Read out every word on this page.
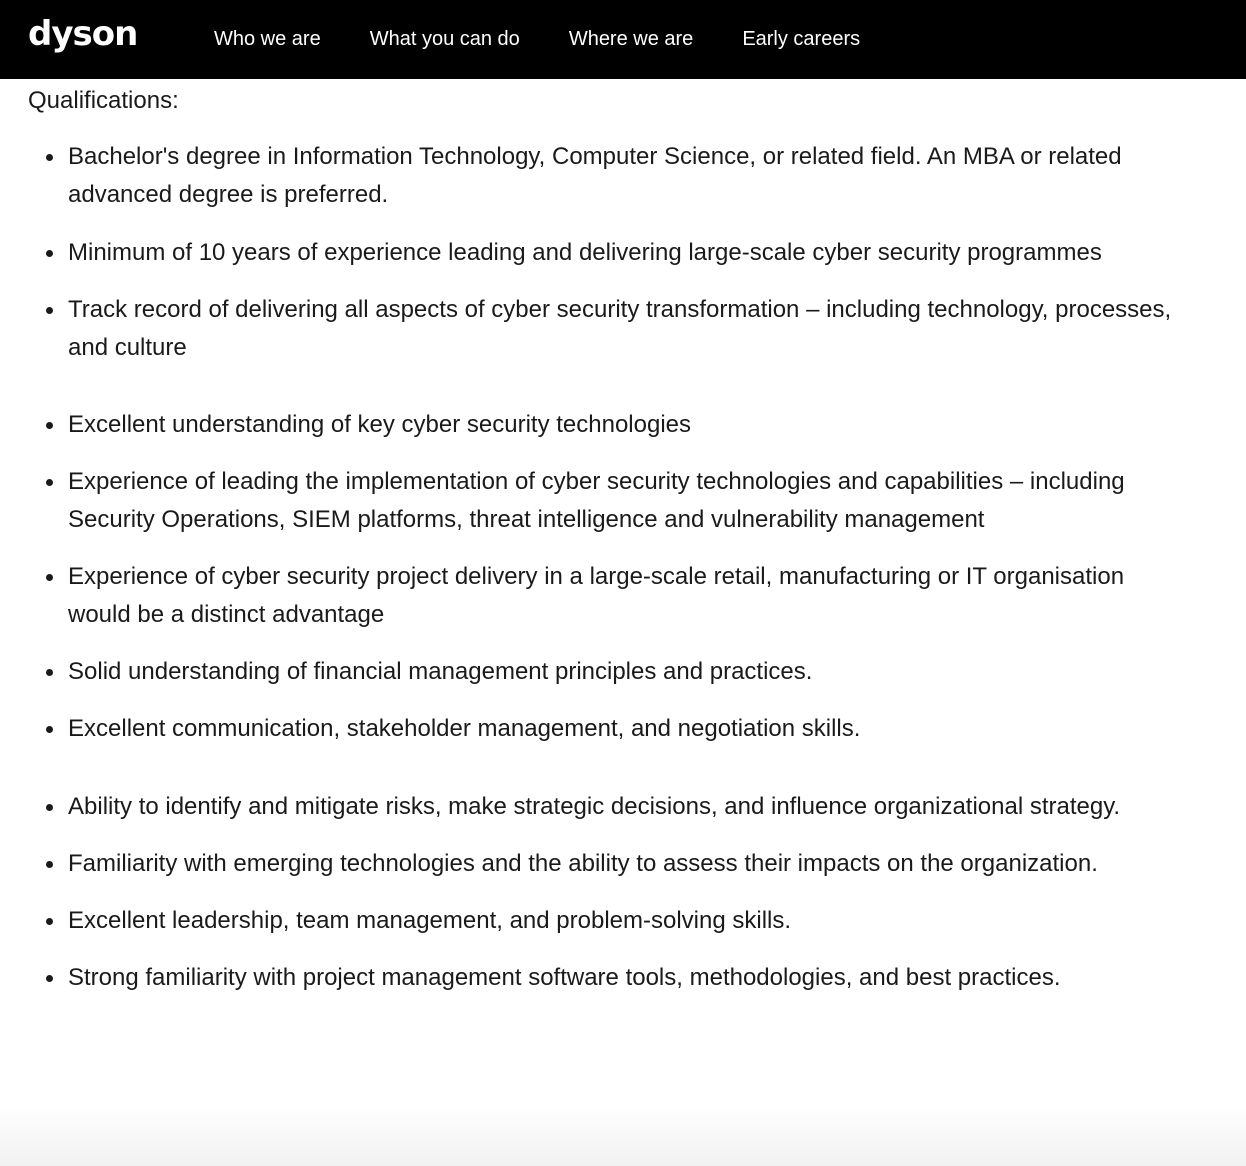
dyson	Who we are What you can do Where we are Early careers

Qualifications:

Bachelor's degree in Information Technology, Computer Science, or related field. An MBA or related advanced degree is preferred.
Minimum of 10 years of experience leading and delivering large-scale cyber security programmes
Track record of delivering all aspects of cyber security transformation – including technology, processes, and culture
Excellent understanding of key cyber security technologies
Experience of leading the implementation of cyber security technologies and capabilities – including Security Operations, SIEM platforms, threat intelligence and vulnerability management
Experience of cyber security project delivery in a large-scale retail, manufacturing or IT organisation would be a distinct advantage
Solid understanding of financial management principles and practices.
Excellent communication, stakeholder management, and negotiation skills.
Ability to identify and mitigate risks, make strategic decisions, and influence organizational strategy.
Familiarity with emerging technologies and the ability to assess their impacts on the organization.
Excellent leadership, team management, and problem-solving skills.
Strong familiarity with project management software tools, methodologies, and best practices.
